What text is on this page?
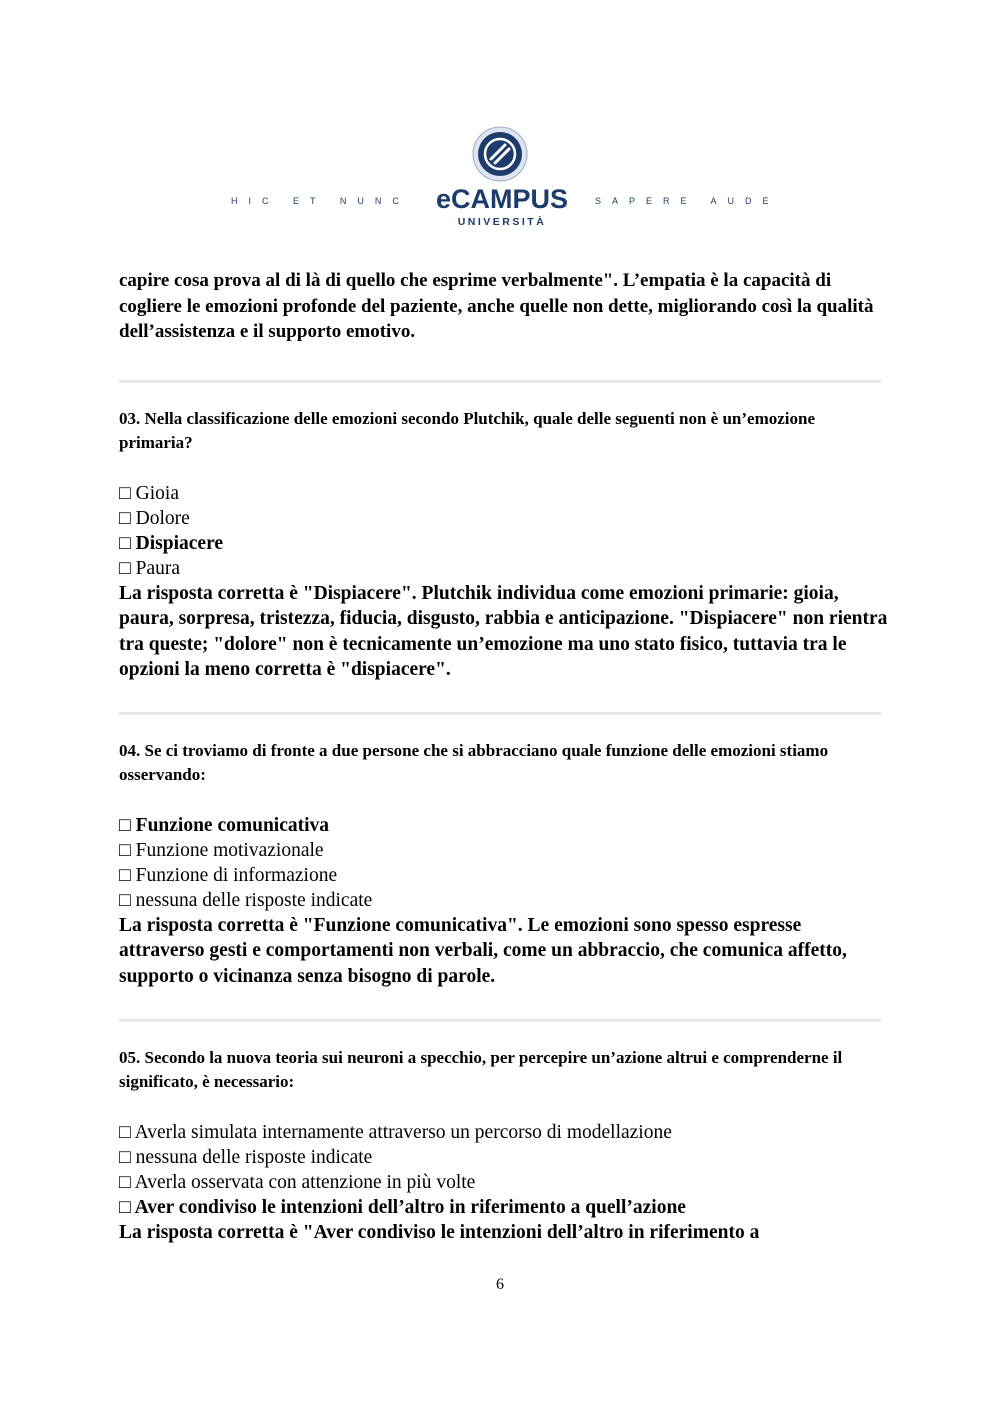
HIC ET NUNC eCAMPUS
UNIVERSITÀ
SAPERE AUDE

capire cosa prova al di là di quello che esprime verbalmente". L’empatia è la capacità di cogliere le emozioni profonde del paziente, anche quelle non dette, migliorando così la qualità dell’assistenza e il supporto emotivo.

03. Nella classificazione delle emozioni secondo Plutchik, quale delle seguenti non è un’emozione primaria?

□ Gioia
□ Dolore
□ Dispiacere
□ Paura

La risposta corretta è "Dispiacere". Plutchik individua come emozioni primarie: gioia, paura, sorpresa, tristezza, fiducia, disgusto, rabbia e anticipazione. "Dispiacere" non rientra tra queste; "dolore" non è tecnicamente un’emozione ma uno stato fisico, tuttavia tra le opzioni la meno corretta è "dispiacere".

04. Se ci troviamo di fronte a due persone che si abbracciano quale funzione delle emozioni stiamo osservando:

□ Funzione comunicativa
□ Funzione motivazionale
□ Funzione di informazione
□ nessuna delle risposte indicate

La risposta corretta è "Funzione comunicativa". Le emozioni sono spesso espresse attraverso gesti e comportamenti non verbali, come un abbraccio, che comunica affetto, supporto o vicinanza senza bisogno di parole.

05. Secondo la nuova teoria sui neuroni a specchio, per percepire un’azione altrui e comprenderne il significato, è necessario:

□ Averla simulata internamente attraverso un percorso di modellazione
□ nessuna delle risposte indicate
□ Averla osservata con attenzione in più volte
□ Aver condiviso le intenzioni dell’altro in riferimento a quell’azione

La risposta corretta è "Aver condiviso le intenzioni dell’altro in riferimento a

6
